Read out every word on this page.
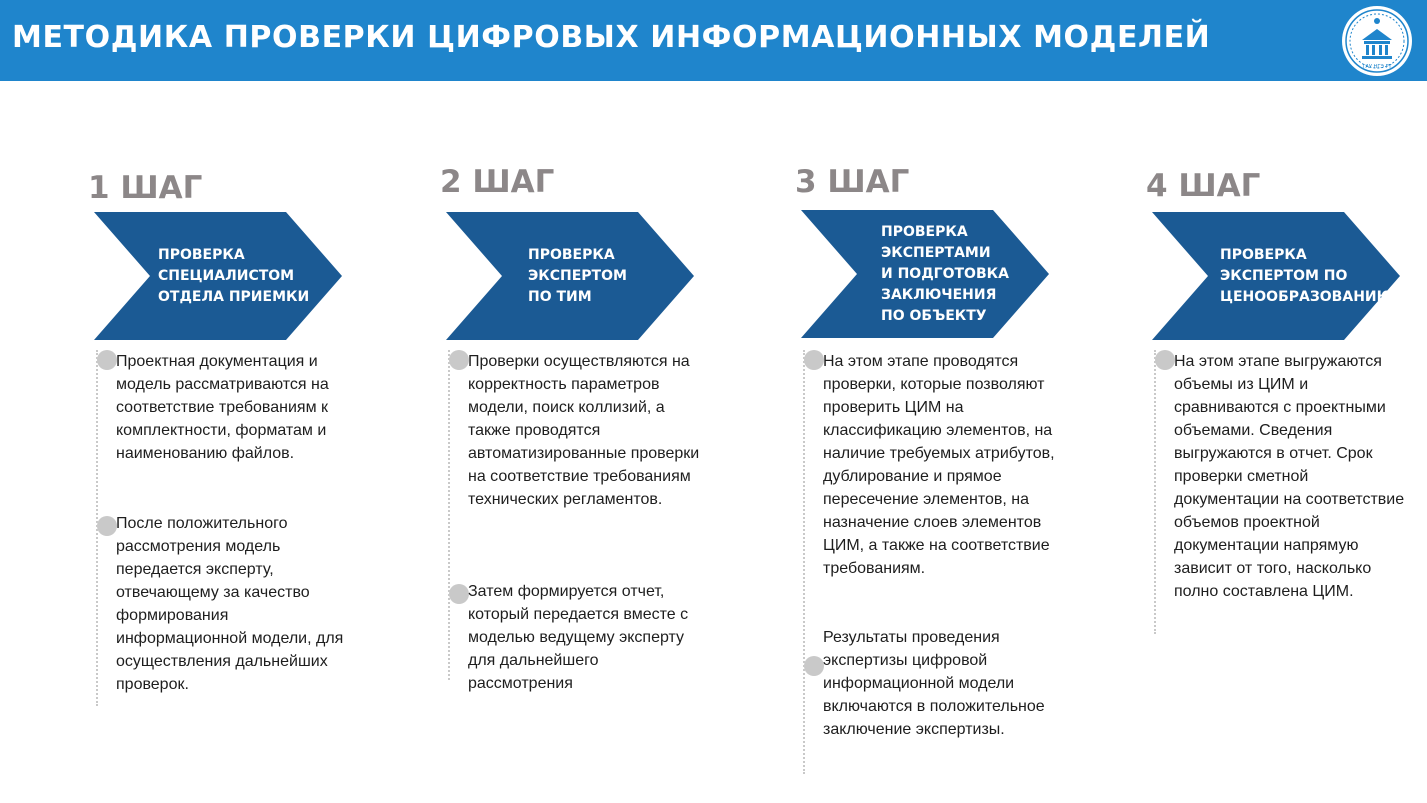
МЕТОДИКА ПРОВЕРКИ ЦИФРОВЫХ ИНФОРМАЦИОННЫХ МОДЕЛЕЙ
ГАУ НГЭ РТ
1 ШАГ
ПРОВЕРКА
СПЕЦИАЛИСТОМ
ОТДЕЛА ПРИЕМКИ
Проектная документация и модель рассматриваются на соответствие требованиям к комплектности, форматам и наименованию файлов.
После положительного рассмотрения модель передается эксперту, отвечающему за качество формирования информационной модели, для осуществления дальнейших проверок.
2 ШАГ
ПРОВЕРКА
ЭКСПЕРТОМ
ПО ТИМ
Проверки осуществляются на корректность параметров модели, поиск коллизий, а также проводятся автоматизированные проверки на соответствие требованиям технических регламентов.
Затем формируется отчет, который передается вместе с моделью ведущему эксперту для дальнейшего рассмотрения
3 ШАГ
ПРОВЕРКА
ЭКСПЕРТАМИ
И ПОДГОТОВКА
ЗАКЛЮЧЕНИЯ
ПО ОБЪЕКТУ
На этом этапе проводятся проверки, которые позволяют проверить ЦИМ на классификацию элементов, на наличие требуемых атрибутов, дублирование и прямое пересечение элементов, на назначение слоев элементов ЦИМ, а также на соответствие требованиям.
Результаты проведения экспертизы цифровой информационной модели включаются в положительное заключение экспертизы.
4 ШАГ
ПРОВЕРКА
ЭКСПЕРТОМ ПО
ЦЕНООБРАЗОВАНИЮ
На этом этапе выгружаются объемы из ЦИМ и сравниваются с проектными объемами. Сведения выгружаются в отчет. Срок проверки сметной документации на соответствие объемов проектной документации напрямую зависит от того, насколько полно составлена ЦИМ.
